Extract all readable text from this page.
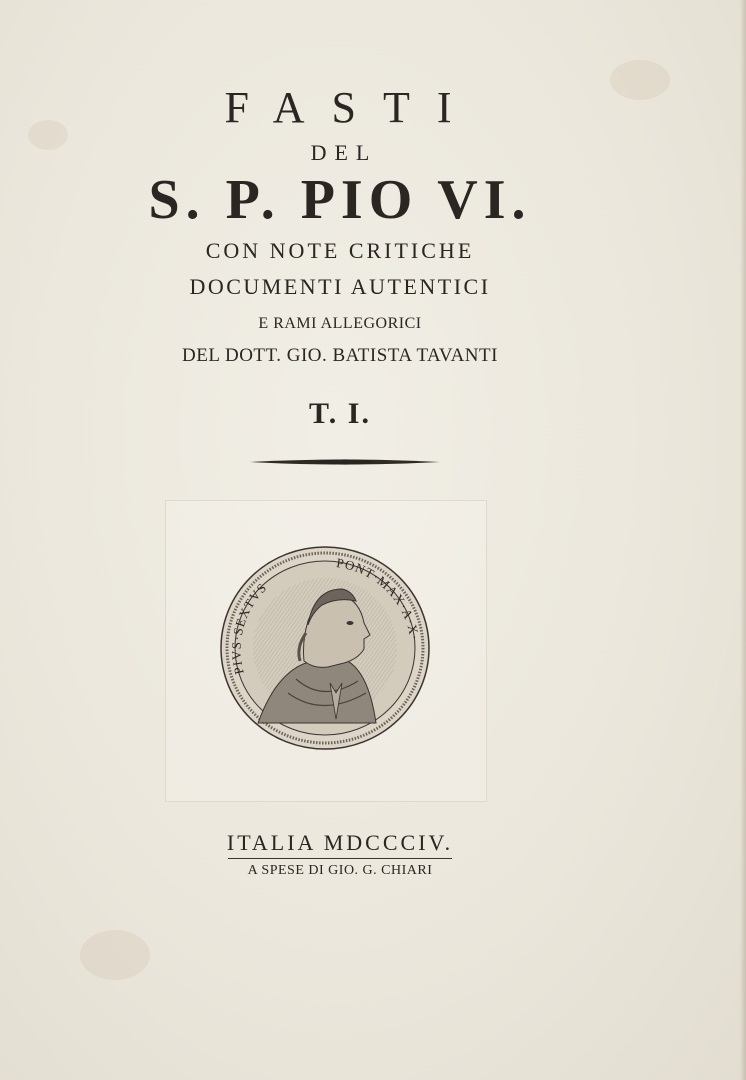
FASTI
DEL
S. P. PIO VI.
CON NOTE CRITICHE
DOCUMENTI AUTENTICI
E RAMI ALLEGORICI
DEL DOTT. GIO. BATISTA TAVANTI
T. I.
PIVS·SEXTVS
PONT·MAX·A·X·
ITALIA MDCCCIV.
A SPESE DI GIO. G. CHIARI
